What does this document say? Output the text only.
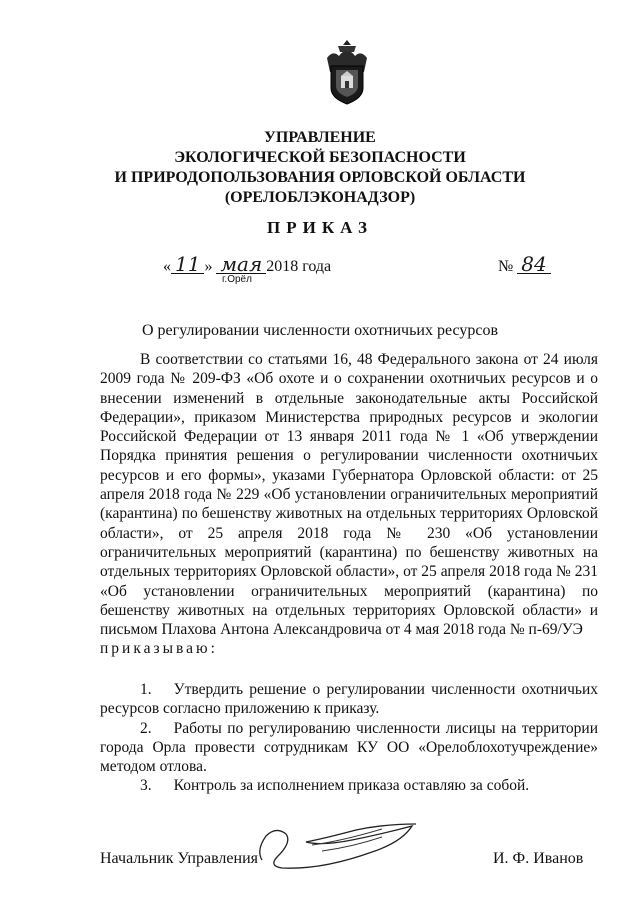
УПРАВЛЕНИЕ
ЭКОЛОГИЧЕСКОЙ БЕЗОПАСНОСТИ
И ПРИРОДОПОЛЬЗОВАНИЯ ОРЛОВСКОЙ ОБЛАСТИ
(ОРЕЛОБЛЭКОНАДЗОР)
ПРИКАЗ
« 11 » мая 2018 года	№ 84
г.Орёл
О регулировании численности охотничьих ресурсов

В соответствии со статьями 16, 48 Федерального закона от 24 июля 2009 года № 209-ФЗ «Об охоте и о сохранении охотничьих ресурсов и о внесении изменений в отдельные законодательные акты Российской Федерации», приказом Министерства природных ресурсов и экологии Российской Федерации от 13 января 2011 года № 1 «Об утверждении Порядка принятия решения о регулировании численности охотничьих ресурсов и его формы», указами Губернатора Орловской области: от 25 апреля 2018 года № 229 «Об установлении ограничительных мероприятий (карантина) по бешенству животных на отдельных территориях Орловской области», от 25 апреля 2018 года № 230 «Об установлении ограничительных мероприятий (карантина) по бешенству животных на отдельных территориях Орловской области», от 25 апреля 2018 года № 231 «Об установлении ограничительных мероприятий (карантина) по бешенству животных на отдельных территориях Орловской области» и письмом Плахова Антона Александровича от 4 мая 2018 года № п-69/УЭ
приказываю:

1. Утвердить решение о регулировании численности охотничьих ресурсов согласно приложению к приказу.

2. Работы по регулированию численности лисицы на территории города Орла провести сотрудникам КУ ОО «Орелоблохотучреждение» методом отлова.

3. Контроль за исполнением приказа оставляю за собой.

Начальник Управления	И. Ф. Иванов
